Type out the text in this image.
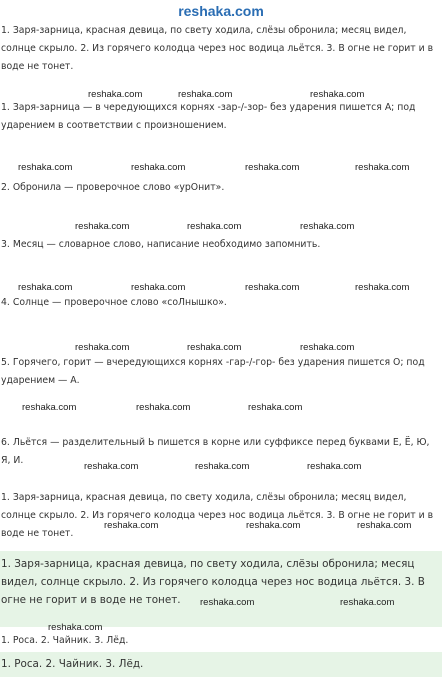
reshaka.com
1. Заря-зарница, красная девица, по свету ходила, слёзы обронила; месяц видел, солнце скрыло. 2. Из горячего колодца через нос водица льётся. 3. В огне не горит и в воде не тонет.
1. Заря-зарница — в чередующихся корнях -зар-/-зор- без ударения пишется А; под ударением в соответствии с произношением.
2. Обронила — проверочное слово «урOнит».
3. Месяц — словарное слово, написание необходимо запомнить.
4. Солнце — проверочное слово «соЛнышко».
5. Горячего, горит — вчередующихся корнях -гар-/-гор- без ударения пишется О; под ударением — А.
6. Льётся — разделительный Ь пишется в корне или суффиксе перед буквами Е, Ё, Ю, Я, И.
1. Заря-зарница, красная девица, по свету ходила, слёзы обронила; месяц видел, солнце скрыло. 2. Из горячего колодца через нос водица льётся. 3. В огне не горит и в воде не тонет.
1. Заря-зарница, красная девица, по свету ходила, слёзы обронила; месяц видел, солнце скрыло. 2. Из горячего колодца через нос водица льётся. 3. В огне не горит и в воде не тонет.
1. Роса. 2. Чайник. 3. Лёд.
1. Роса. 2. Чайник. 3. Лёд.
reshaka.com	reshaka.com	reshaka.com
reshaka.com	reshaka.com	reshaka.com	reshaka.com
reshaka.com	reshaka.com	reshaka.com
reshaka.com	reshaka.com	reshaka.com	reshaka.com
reshaka.com	reshaka.com	reshaka.com
reshaka.com	reshaka.com	reshaka.com
reshaka.com	reshaka.com	reshaka.com
reshaka.com	reshaka.com	reshaka.com
reshaka.com	reshaka.com
reshaka.com
